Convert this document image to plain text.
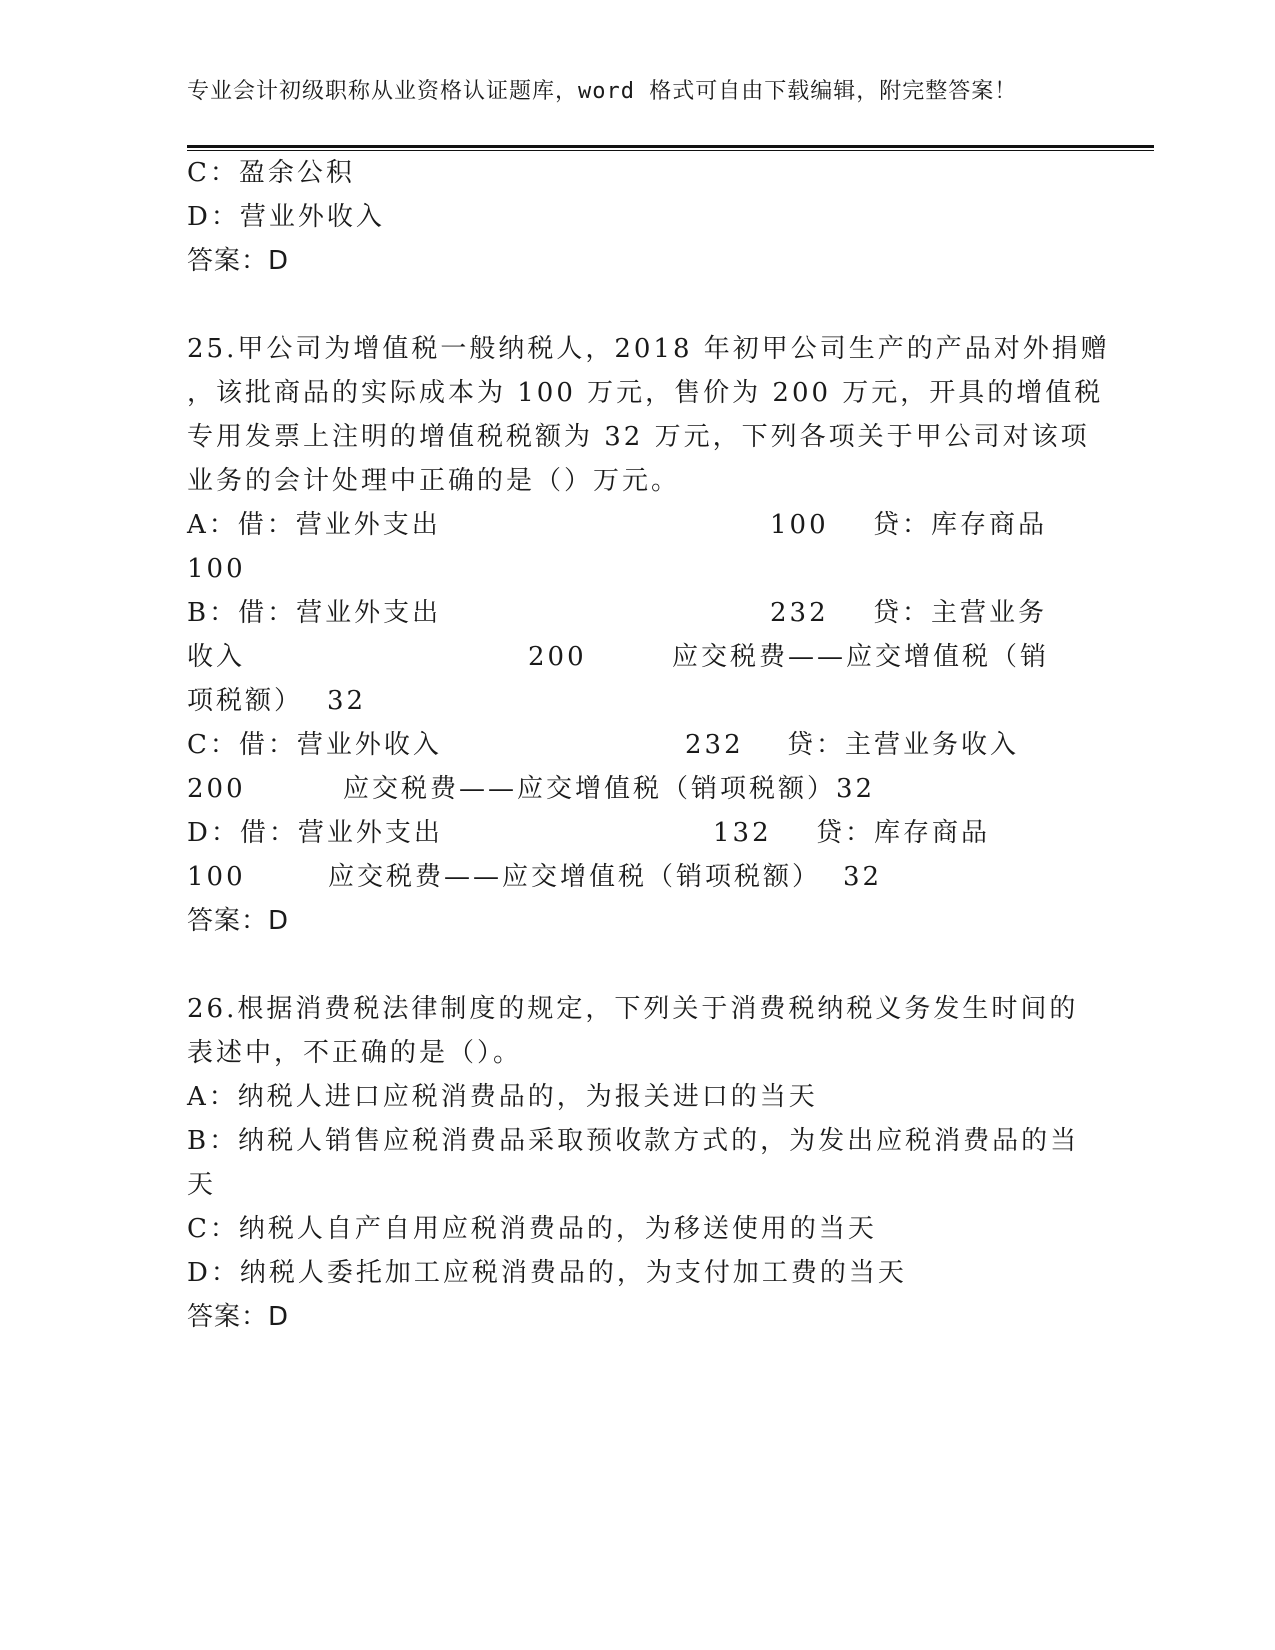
专业会计初级职称从业资格认证题库，word 格式可自由下载编辑，附完整答案！
C：盈余公积
D：营业外收入
答案：D
25.甲公司为增值税一般纳税人，2018 年初甲公司生产的产品对外捐赠
，该批商品的实际成本为 100 万元，售价为 200 万元，开具的增值税
专用发票上注明的增值税税额为 32 万元，下列各项关于甲公司对该项
业务的会计处理中正确的是（）万元。
A：借：营业外支出	100 贷：库存商品
100
B：借：营业外支出	232 贷：主营业务
收入	200	应交税费——应交增值税（销
项税额） 32
C：借：营业外收入	232 贷：主营业务收入
200	应交税费——应交增值税（销项税额）32
D：借：营业外支出	132 贷：库存商品
100	应交税费——应交增值税（销项税额） 32
答案：D
26.根据消费税法律制度的规定，下列关于消费税纳税义务发生时间的
表述中，不正确的是（）。
A：纳税人进口应税消费品的，为报关进口的当天
B：纳税人销售应税消费品采取预收款方式的，为发出应税消费品的当
天
C：纳税人自产自用应税消费品的，为移送使用的当天
D：纳税人委托加工应税消费品的，为支付加工费的当天
答案：D
